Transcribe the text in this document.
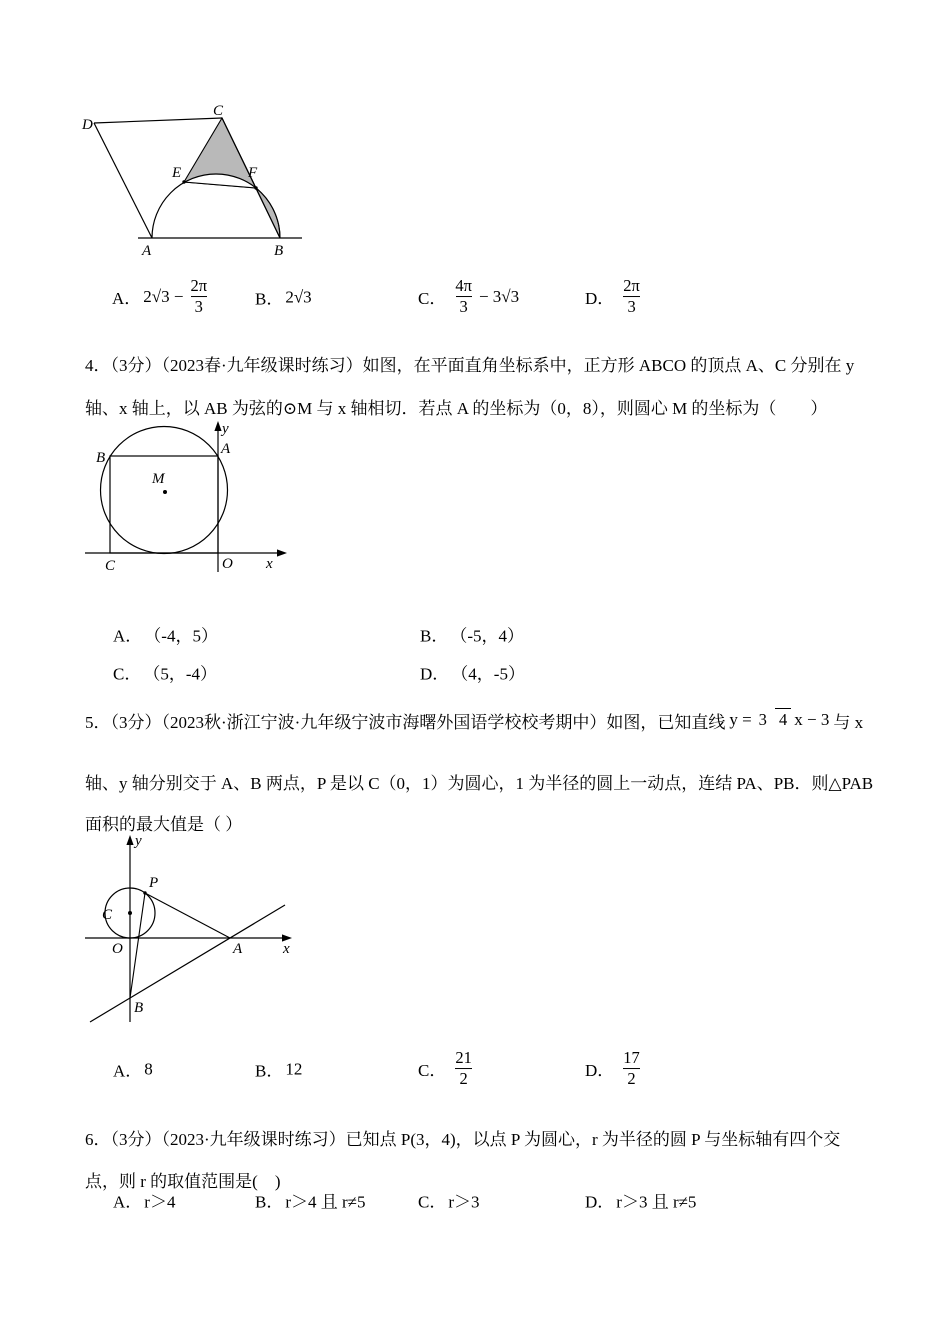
D
C
E	F
A	B
A． $2√3 - \frac{2\pi}{3}$	B． 2√3	C． $\frac{4\pi}{3} - 3√3$	D． $\frac{2\pi}{3}$

4．（3分）（2023春·九年级课时练习）如图，在平面直角坐标系中，正方形 ABCO 的顶点 A、C 分别在 y

轴、x 轴上，以 AB 为弦的⊙M 与 x 轴相切．若点 A 的坐标为（0，8），则圆心 M 的坐标为（　　）

y
x
B
A
M
C	O
A． （-4，5）	B． （-5，4）
C． （5，-4）	D． （4，-5）
5．（3分）（2023秋·浙江宁波·九年级宁波市海曙外国语学校校考期中）如图，已知直线 y = 3 4 x − 3 与 x

轴、y 轴分别交于 A、B 两点，P 是以 C（0，1）为圆心，1 为半径的圆上一动点，连结 PA、PB．则△PAB

面积的最大值是（ ）

P
C
y
x
O	A
B
A． 8	B． 12	C． $\frac{21}{2}$	D． $\frac{17}{2}$

6．（3分）（2023·九年级课时练习）已知点 P(3，4)，以点 P 为圆心，r 为半径的圆 P 与坐标轴有四个交

点，则 r 的取值范围是(　)

A． r＞4	B． r＞4 且 r≠5	C． r＞3	D． r＞3 且 r≠5
